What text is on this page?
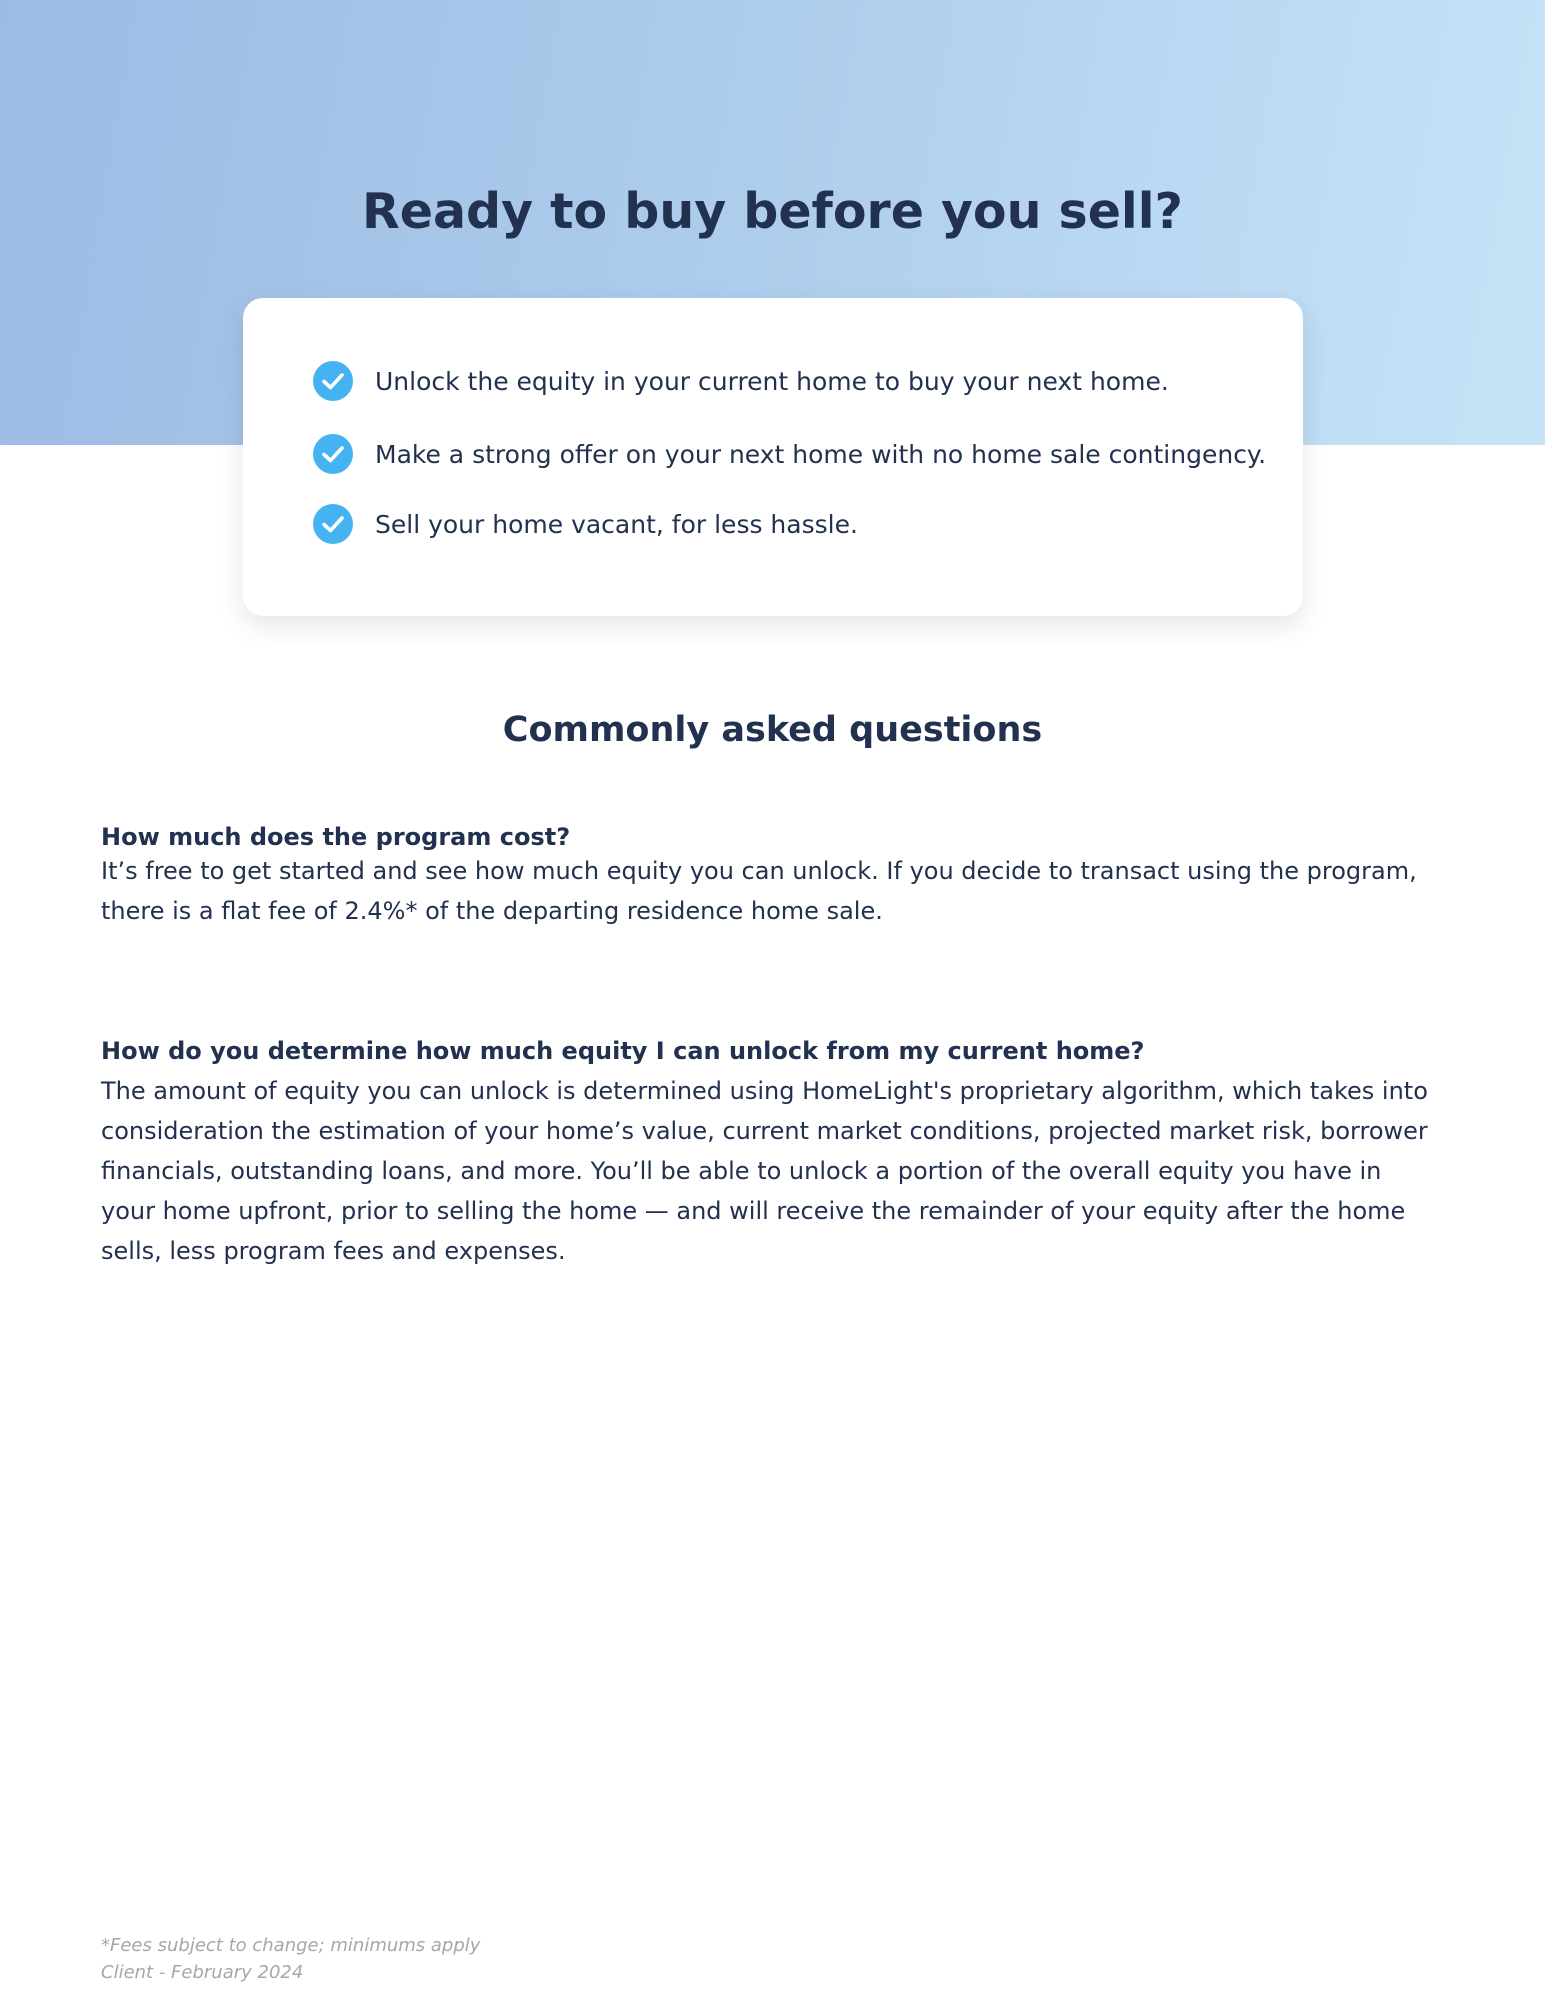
Ready to buy before you sell?
Unlock the equity in your current home to buy your next home.
Make a strong offer on your next home with no home sale contingency.
Sell your home vacant, for less hassle.
Commonly asked questions

How much does the program cost?

It’s free to get started and see how much equity you can unlock. If you decide to transact using the program, there is a flat fee of 2.4%* of the departing residence home sale.

How do you determine how much equity I can unlock from my current home?

The amount of equity you can unlock is determined using HomeLight's proprietary algorithm, which takes into consideration the estimation of your home’s value, current market conditions, projected market risk, borrower financials, outstanding loans, and more. You’ll be able to unlock a portion of the overall equity you have in your home upfront, prior to selling the home — and will receive the remainder of your equity after the home sells, less program fees and expenses.

*Fees subject to change; minimums apply
Client - February 2024
